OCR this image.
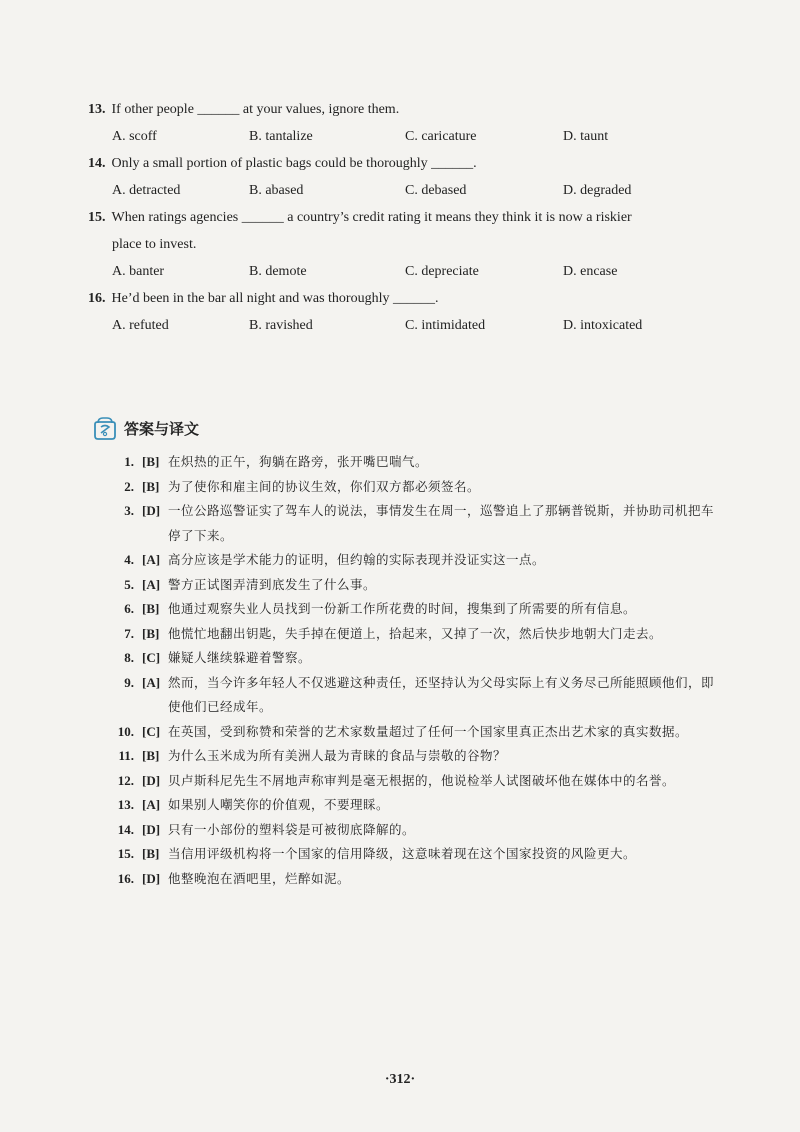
13. If other people ______ at your values, ignore them.
A. scoff	B. tantalize	C. caricature	D. taunt
14. Only a small portion of plastic bags could be thoroughly ______.
A. detracted	B. abased	C. debased	D. degraded
15. When ratings agencies ______ a country’s credit rating it means they think it is now a riskier
place to invest.
A. banter	B. demote	C. depreciate	D. encase
16. He’d been in the bar all night and was thoroughly ______.
A. refuted	B. ravished	C. intimidated	D. intoxicated
答案与译文
1. [B] 在炽热的正午，狗躺在路旁，张开嘴巴喘气。
2. [B] 为了使你和雇主间的协议生效，你们双方都必须签名。
3. [D] 一位公路巡警证实了驾车人的说法，事情发生在周一，巡警追上了那辆普锐斯，并协助司机把车
停了下来。
4. [A] 高分应该是学术能力的证明，但约翰的实际表现并没证实这一点。
5. [A] 警方正试图弄清到底发生了什么事。
6. [B] 他通过观察失业人员找到一份新工作所花费的时间，搜集到了所需要的所有信息。
7. [B] 他慌忙地翻出钥匙，失手掉在便道上，拾起来，又掉了一次，然后快步地朝大门走去。
8. [C] 嫌疑人继续躲避着警察。
9. [A] 然而，当今许多年轻人不仅逃避这种责任，还坚持认为父母实际上有义务尽己所能照顾他们，即
使他们已经成年。
10. [C] 在英国，受到称赞和荣誉的艺术家数量超过了任何一个国家里真正杰出艺术家的真实数据。
11. [B] 为什么玉米成为所有美洲人最为青睐的食品与崇敬的谷物？
12. [D] 贝卢斯科尼先生不屑地声称审判是毫无根据的，他说检举人试图破坏他在媒体中的名誉。
13. [A] 如果别人嘲笑你的价值观，不要理睬。
14. [D] 只有一小部份的塑料袋是可被彻底降解的。
15. [B] 当信用评级机构将一个国家的信用降级，这意味着现在这个国家投资的风险更大。
16. [D] 他整晚泡在酒吧里，烂醉如泥。
·312·
